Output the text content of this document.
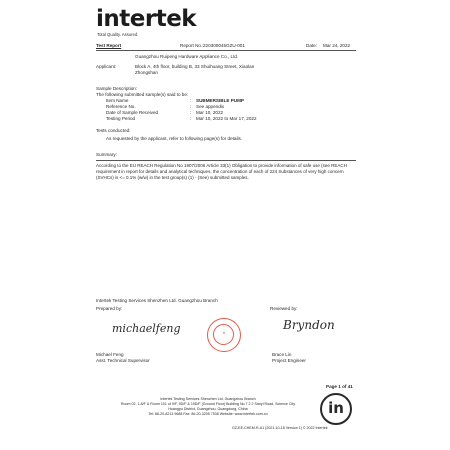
intertek
Total Quality. Assured.
Test Report	Report No.: 220300045GZU-001	Date: Mar 24, 2022
Guangzhou Ruipeng Hardware Appliance Co., Ltd.
Applicant:	Block A, 4th floor, building B, 33 Shuihuang Street, Xiaolan
Zhongshan
Sample Description:
The following submitted sample(s) said to be:
Item Name	: SUBMERSIBLE PUMP
Reference No.	: See appendix
Date of Sample Received	: Mar 10, 2022
Testing Period	: Mar 10, 2022 to Mar 17, 2022
Tests conducted:
As requested by the applicant, refer to following page(s) for details.
Summary:
According to the EU REACH Regulation No 1907/2006 Article 33(1) Obligation to provide information of safe use (see REACH requirement in report for details and analytical techniques, the concentration of each of 224 Substances of very high concern (SVHCs) is <= 0.1% (w/w) in the test group(s) (1) - (See) submitted samples.
Intertek Testing Services Shenzhen Ltd. Guangzhou Branch
Prepared by:	Reviewed by:
michaelfeng	★
Bryndon
Michael Feng
Asst. Technical Supervisor
Brace Lin
Project Engineer
Page 1 of 41
Intertek Testing Services Shenzhen Ltd. Guangzhou Branch
Room 02, 1-8/F & Room 101 of 9/F, 9D/F & 19D/F (Ground Floor) Building No.7 2 2 Sanyi Road, Science City
Huangpu District, Guangzhou, Guangdong, China
Tel: 86-20-8213 9688 Fax: 86-20-3205 7538 Website: www.intertek.com.cn	in
GZ-EE-CHEM-R-A1 (2021-10-18 Version 1) © 2022 Intertek
